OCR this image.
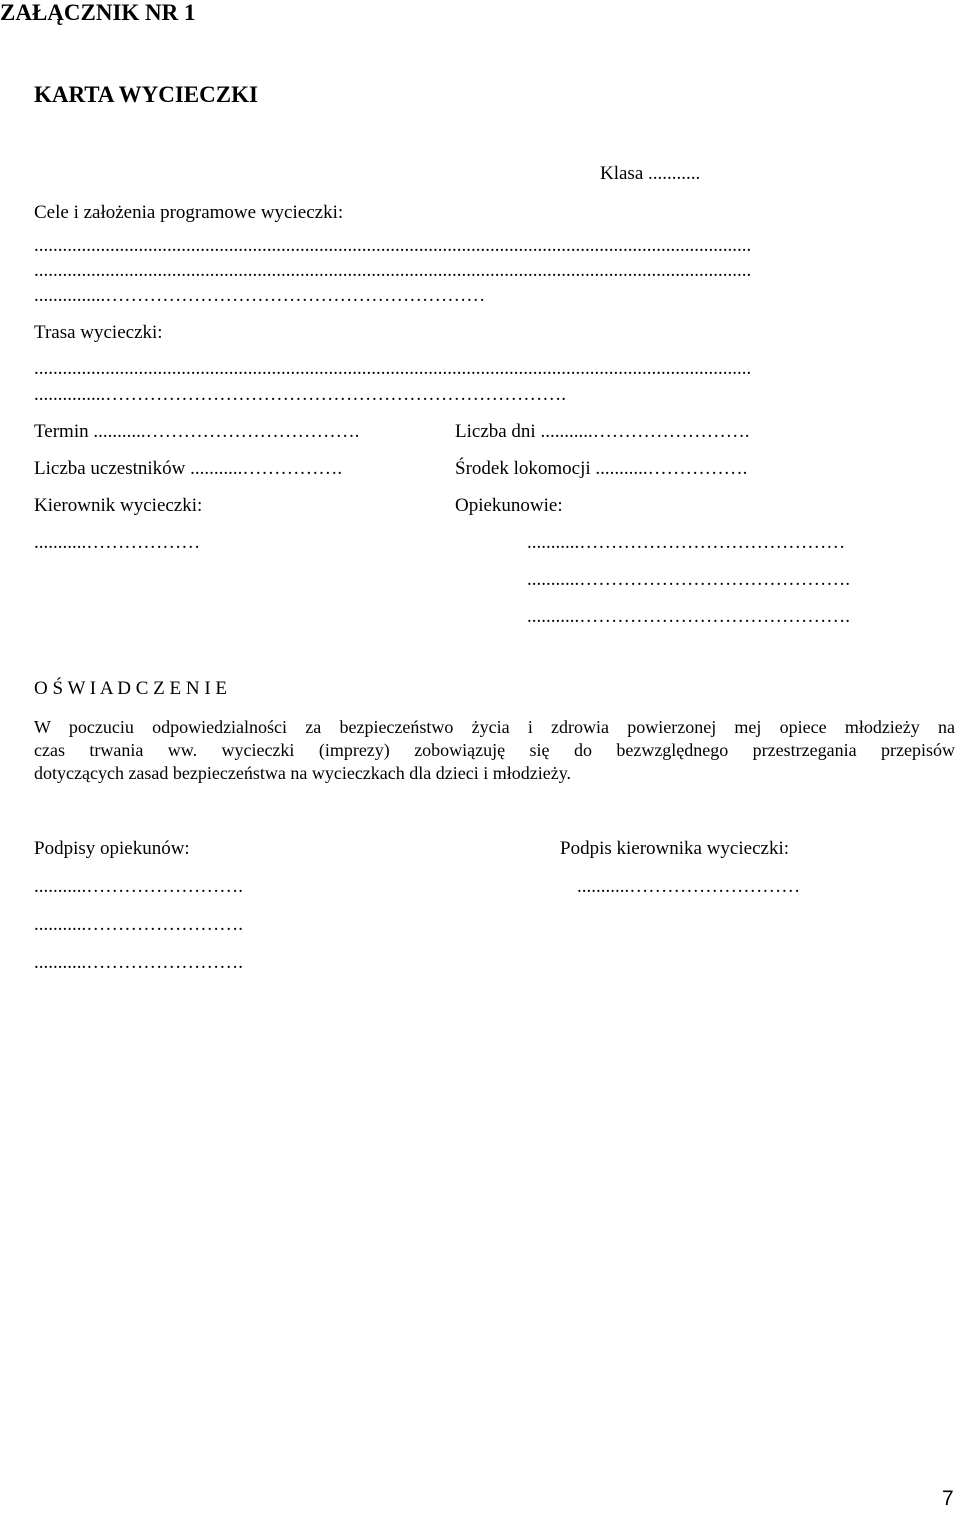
ZAŁĄCZNIK NR 1
KARTA WYCIECZKI
Klasa ...........
Cele i założenia programowe wycieczki:
.......................................................................................................................................................
.......................................................................................................................................................
...............……………………………………………………
Trasa wycieczki:
.......................................................................................................................................................
...............……………………………………………………………….
Termin ...........…………………………….	Liczba dni ...........…………………….
Liczba uczestników ...........…………….	Środek lokomocji ...........…………….
Kierownik wycieczki:	Opiekunowie:
...........………………	...........……………………………………
...........…………………………………….
...........…………………………………….
O Ś W I A D C Z E N I E
W poczuciu odpowiedzialności za bezpieczeństwo życia i zdrowia powierzonej mej opiece młodzieży na
czas trwania ww. wycieczki (imprezy) zobowiązuję się do bezwzględnego przestrzegania przepisów
dotyczących zasad bezpieczeństwa na wycieczkach dla dzieci i młodzieży.
Podpisy opiekunów:	Podpis kierownika wycieczki:
...........…………………….	...........………………………
...........…………………….
...........…………………….
7
